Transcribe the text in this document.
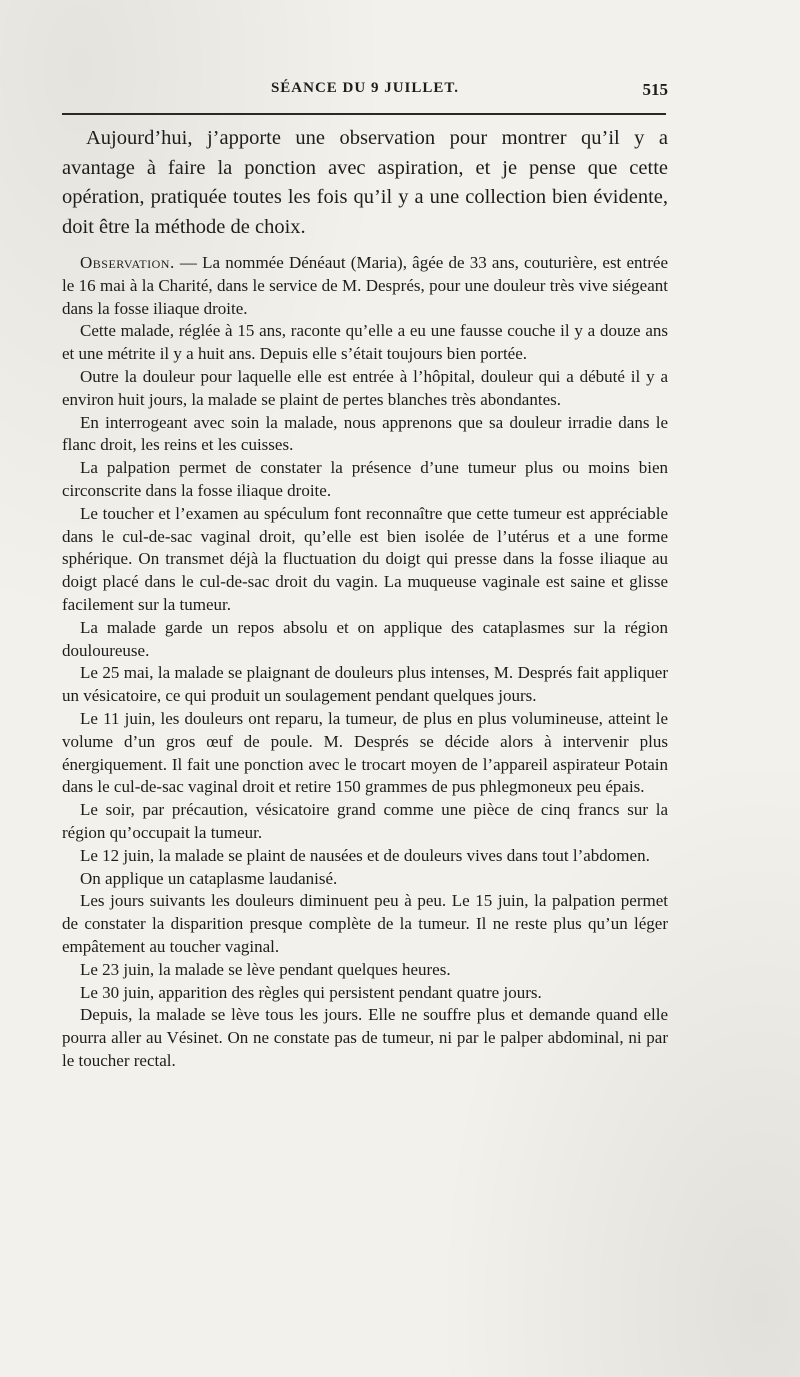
SÉANCE DU 9 JUILLET.	515

Aujourd’hui, j’apporte une observation pour montrer qu’il y a avantage à faire la ponction avec aspiration, et je pense que cette opération, pratiquée toutes les fois qu’il y a une collection bien évidente, doit être la méthode de choix.

Observation. — La nommée Dénéaut (Maria), âgée de 33 ans, couturière, est entrée le 16 mai à la Charité, dans le service de M. Després, pour une douleur très vive siégeant dans la fosse iliaque droite.

Cette malade, réglée à 15 ans, raconte qu’elle a eu une fausse couche il y a douze ans et une métrite il y a huit ans. Depuis elle s’était toujours bien portée.

Outre la douleur pour laquelle elle est entrée à l’hôpital, douleur qui a débuté il y a environ huit jours, la malade se plaint de pertes blanches très abondantes.

En interrogeant avec soin la malade, nous apprenons que sa douleur irradie dans le flanc droit, les reins et les cuisses.

La palpation permet de constater la présence d’une tumeur plus ou moins bien circonscrite dans la fosse iliaque droite.

Le toucher et l’examen au spéculum font reconnaître que cette tumeur est appréciable dans le cul-de-sac vaginal droit, qu’elle est bien isolée de l’utérus et a une forme sphérique. On transmet déjà la fluctuation du doigt qui presse dans la fosse iliaque au doigt placé dans le cul-de-sac droit du vagin. La muqueuse vaginale est saine et glisse facilement sur la tumeur.

La malade garde un repos absolu et on applique des cataplasmes sur la région douloureuse.

Le 25 mai, la malade se plaignant de douleurs plus intenses, M. Després fait appliquer un vésicatoire, ce qui produit un soulagement pendant quelques jours.

Le 11 juin, les douleurs ont reparu, la tumeur, de plus en plus volumineuse, atteint le volume d’un gros œuf de poule. M. Després se décide alors à intervenir plus énergiquement. Il fait une ponction avec le trocart moyen de l’appareil aspirateur Potain dans le cul-de-sac vaginal droit et retire 150 grammes de pus phlegmoneux peu épais.

Le soir, par précaution, vésicatoire grand comme une pièce de cinq francs sur la région qu’occupait la tumeur.

Le 12 juin, la malade se plaint de nausées et de douleurs vives dans tout l’abdomen.

On applique un cataplasme laudanisé.

Les jours suivants les douleurs diminuent peu à peu. Le 15 juin, la palpation permet de constater la disparition presque complète de la tumeur. Il ne reste plus qu’un léger empâtement au toucher vaginal.

Le 23 juin, la malade se lève pendant quelques heures.

Le 30 juin, apparition des règles qui persistent pendant quatre jours.

Depuis, la malade se lève tous les jours. Elle ne souffre plus et demande quand elle pourra aller au Vésinet. On ne constate pas de tumeur, ni par le palper abdominal, ni par le toucher rectal.
